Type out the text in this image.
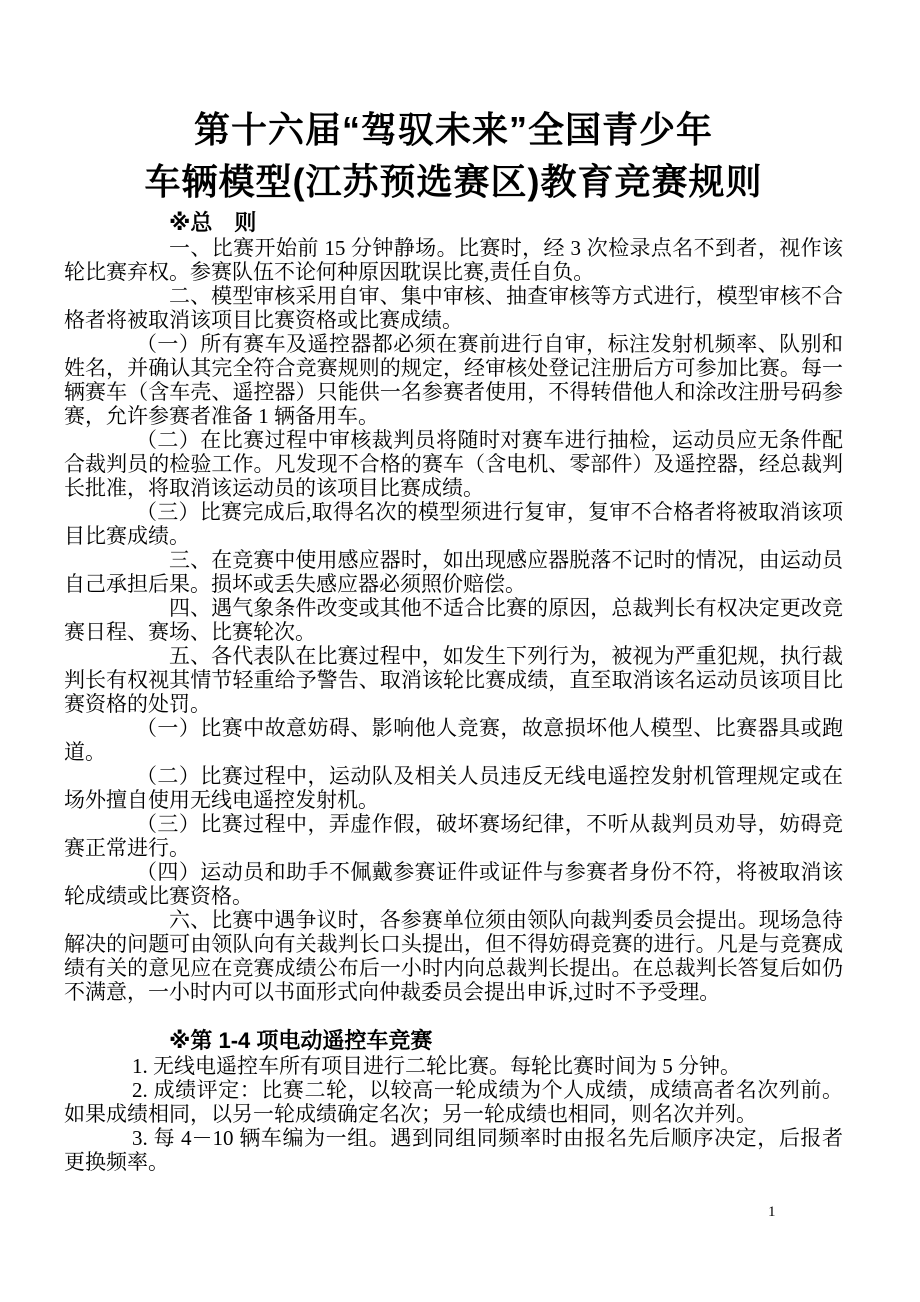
第十六届“驾驭未来”全国青少年
车辆模型(江苏预选赛区)教育竞赛规则
※总　则

一、比赛开始前 15 分钟静场。比赛时，经 3 次检录点名不到者，视作该轮比赛弃权。参赛队伍不论何种原因耽误比赛,责任自负。

二、模型审核采用自审、集中审核、抽查审核等方式进行，模型审核不合格者将被取消该项目比赛资格或比赛成绩。

（一）所有赛车及遥控器都必须在赛前进行自审，标注发射机频率、队别和姓名，并确认其完全符合竞赛规则的规定，经审核处登记注册后方可参加比赛。每一辆赛车（含车壳、遥控器）只能供一名参赛者使用，不得转借他人和涂改注册号码参赛，允许参赛者准备 1 辆备用车。

（二）在比赛过程中审核裁判员将随时对赛车进行抽检，运动员应无条件配合裁判员的检验工作。凡发现不合格的赛车（含电机、零部件）及遥控器，经总裁判长批准，将取消该运动员的该项目比赛成绩。

（三）比赛完成后,取得名次的模型须进行复审，复审不合格者将被取消该项目比赛成绩。

三、在竞赛中使用感应器时，如出现感应器脱落不记时的情况，由运动员自己承担后果。损坏或丢失感应器必须照价赔偿。

四、遇气象条件改变或其他不适合比赛的原因，总裁判长有权决定更改竞赛日程、赛场、比赛轮次。

五、各代表队在比赛过程中，如发生下列行为，被视为严重犯规，执行裁判长有权视其情节轻重给予警告、取消该轮比赛成绩，直至取消该名运动员该项目比赛资格的处罚。

（一）比赛中故意妨碍、影响他人竞赛，故意损坏他人模型、比赛器具或跑道。

（二）比赛过程中，运动队及相关人员违反无线电遥控发射机管理规定或在场外擅自使用无线电遥控发射机。

（三）比赛过程中，弄虚作假，破坏赛场纪律，不听从裁判员劝导，妨碍竞赛正常进行。

（四）运动员和助手不佩戴参赛证件或证件与参赛者身份不符，将被取消该轮成绩或比赛资格。

六、比赛中遇争议时，各参赛单位须由领队向裁判委员会提出。现场急待解决的问题可由领队向有关裁判长口头提出，但不得妨碍竞赛的进行。凡是与竞赛成绩有关的意见应在竞赛成绩公布后一小时内向总裁判长提出。在总裁判长答复后如仍不满意，一小时内可以书面形式向仲裁委员会提出申诉,过时不予受理。

※第 1-4 项电动遥控车竞赛

1. 无线电遥控车所有项目进行二轮比赛。每轮比赛时间为 5 分钟。

2. 成绩评定：比赛二轮，以较高一轮成绩为个人成绩，成绩高者名次列前。如果成绩相同，以另一轮成绩确定名次；另一轮成绩也相同，则名次并列。

3. 每 4－10 辆车编为一组。遇到同组同频率时由报名先后顺序决定，后报者更换频率。

1
